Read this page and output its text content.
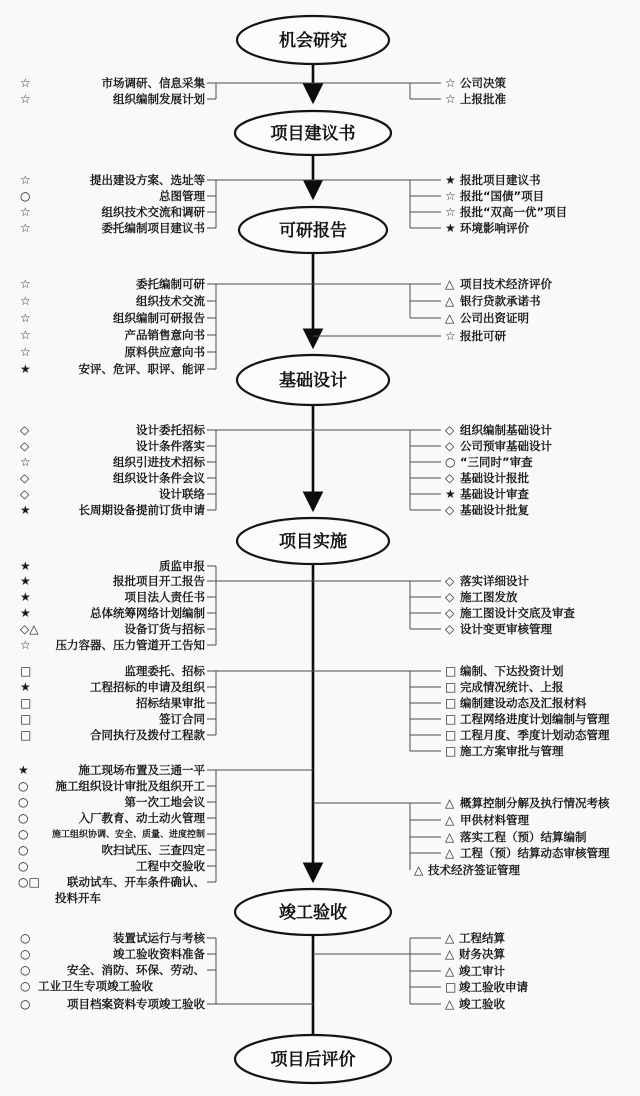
机会研究
项目建议书
可研报告
基础设计
项目实施
竣工验收
项目后评价
☆	市场调研、信息采集
☆	组织编制发展计划
☆ 公司决策
☆ 上报批准
☆	提出建设方案、选址等
○	总图管理
☆	组织技术交流和调研
☆	委托编制项目建议书
★ 报批项目建议书
☆ 报批“国债”项目
☆ 报批“双高一优”项目
★ 环境影响评价
☆	委托编制可研
☆	组织技术交流
☆	组织编制可研报告
☆	产品销售意向书
☆	原料供应意向书
★	安评、危评、职评、能评
△ 项目技术经济评价
△ 银行贷款承诺书
△ 公司出资证明
☆ 报批可研
◇	设计委托招标
◇	设计条件落实
☆	组织引进技术招标
◇	组织设计条件会议
◇	设计联络
★	长周期设备提前订货申请
◇ 组织编制基础设计
◇ 公司预审基础设计
○ “三同时”审查
◇ 基础设计报批
★ 基础设计审查
◇ 基础设计批复
★	质监申报
★	报批项目开工报告
★	项目法人责任书
★	总体统筹网络计划编制
◇△	设备订货与招标
☆ 压力容器、压力管道开工告知
◇ 落实详细设计
◇ 施工图发放
◇ 施工图设计交底及审查
◇ 设计变更审核管理
□	监理委托、招标
★	工程招标的申请及组织
□	招标结果审批
□	签订合同
□	合同执行及拨付工程款
□ 编制、下达投资计划
□ 完成情况统计、上报
□ 编制建设动态及汇报材料
□ 工程网络进度计划编制与管理
□ 工程月度、季度计划动态管理
□ 施工方案审批与管理
★	施工现场布置及三通一平
○ 施工组织设计审批及组织开工
○	第一次工地会议
○	入厂教育、动土动火管理
○	施工组织协调、安全、质量、进度控制
○	吹扫试压、三查四定
○	工程中交验收
○□ 联动试车、开车条件确认、
投料开车
△ 概算控制分解及执行情况考核
△ 甲供材料管理
△ 落实工程（预）结算编制
△ 工程（预）结算动态审核管理
△ 技术经济签证管理
○	装置试运行与考核
○	竣工验收资料准备
○	安全、消防、环保、劳动、
○ 工业卫生专项竣工验收
○	项目档案资料专项竣工验收
△ 工程结算
△ 财务决算
△ 竣工审计
□ 竣工验收申请
△ 竣工验收
